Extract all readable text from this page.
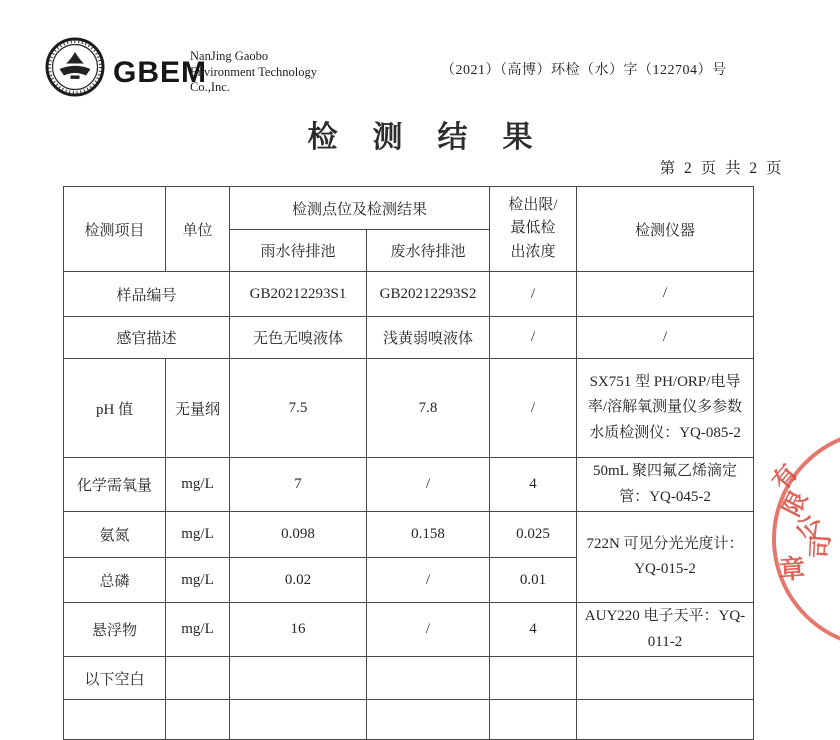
GBEM
NanJing Gaobo
Environment Technology
Co.,Inc.
（2021）（高博）环检（水）字（122704）号
检测结果
第 2 页 共 2 页
检测项目	单位	检测点位及检测结果		检出限/
最低检
出浓度	检测仪器
		雨水待排池	废水待排池		
样品编号		GB20212293S1	GB20212293S2	/	/
感官描述		无色无嗅液体	浅黄弱嗅液体	/	/
pH 值	无量纲	7.5	7.8	/	SX751 型 PH/ORP/电导率/溶解氧测量仪多参数水质检测仪：YQ-085-2
化学需氧量	mg/L	7	/	4	50mL 聚四氟乙烯滴定管：YQ-045-2
氨氮	mg/L	0.098	0.158	0.025	722N 可见分光光度计：YQ-015-2
总磷	mg/L	0.02	/	0.01	
悬浮物	mg/L	16	/	4	AUY220 电子天平：YQ-011-2
以下空白					

有
限
公
司
章
